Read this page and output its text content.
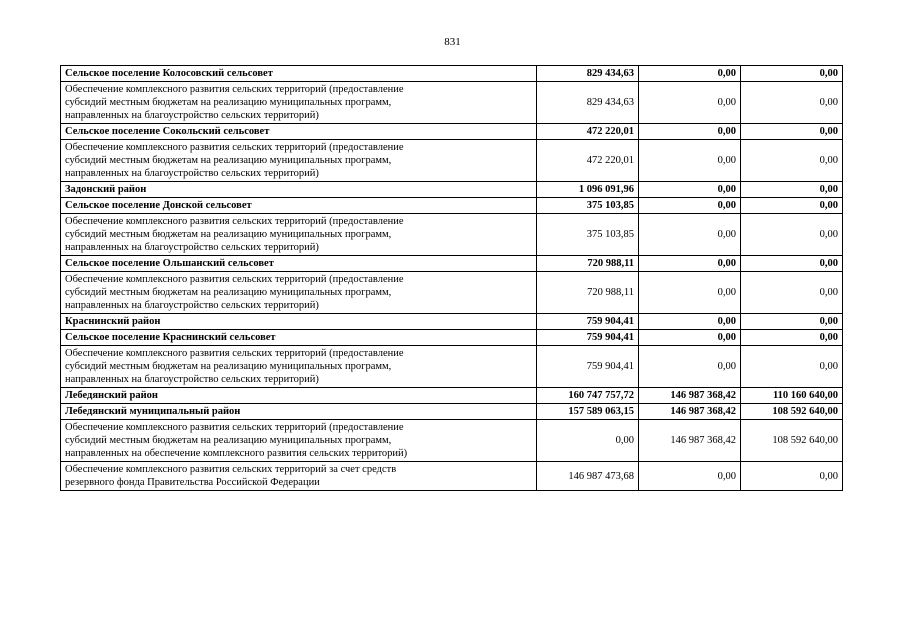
831
Сельское поселение Колосовский сельсовет	829 434,63	0,00	0,00

Обеспечение комплексного развития сельских территорий (предоставление
субсидий местным бюджетам на реализацию муниципальных программ,
направленных на благоустройство сельских территорий)	829 434,63	0,00	0,00

Сельское поселение Сокольский сельсовет	472 220,01	0,00	0,00

Обеспечение комплексного развития сельских территорий (предоставление
субсидий местным бюджетам на реализацию муниципальных программ,
направленных на благоустройство сельских территорий)	472 220,01	0,00	0,00

Задонский район	1 096 091,96	0,00	0,00

Сельское поселение Донской сельсовет	375 103,85	0,00	0,00

Обеспечение комплексного развития сельских территорий (предоставление
субсидий местным бюджетам на реализацию муниципальных программ,
направленных на благоустройство сельских территорий)	375 103,85	0,00	0,00

Сельское поселение Ольшанский сельсовет	720 988,11	0,00	0,00

Обеспечение комплексного развития сельских территорий (предоставление
субсидий местным бюджетам на реализацию муниципальных программ,
направленных на благоустройство сельских территорий)	720 988,11	0,00	0,00

Краснинский район	759 904,41	0,00	0,00

Сельское поселение Краснинский сельсовет	759 904,41	0,00	0,00

Обеспечение комплексного развития сельских территорий (предоставление
субсидий местным бюджетам на реализацию муниципальных программ,
направленных на благоустройство сельских территорий)	759 904,41	0,00	0,00

Лебедянский район	160 747 757,72	146 987 368,42	110 160 640,00

Лебедянский муниципальный район	157 589 063,15	146 987 368,42	108 592 640,00

Обеспечение комплексного развития сельских территорий (предоставление
субсидий местным бюджетам на реализацию муниципальных программ,
направленных на обеспечение комплексного развития сельских территорий)	0,00	146 987 368,42	108 592 640,00

Обеспечение комплексного развития сельских территорий за счет средств
резервного фонда Правительства Российской Федерации	146 987 473,68	0,00	0,00
